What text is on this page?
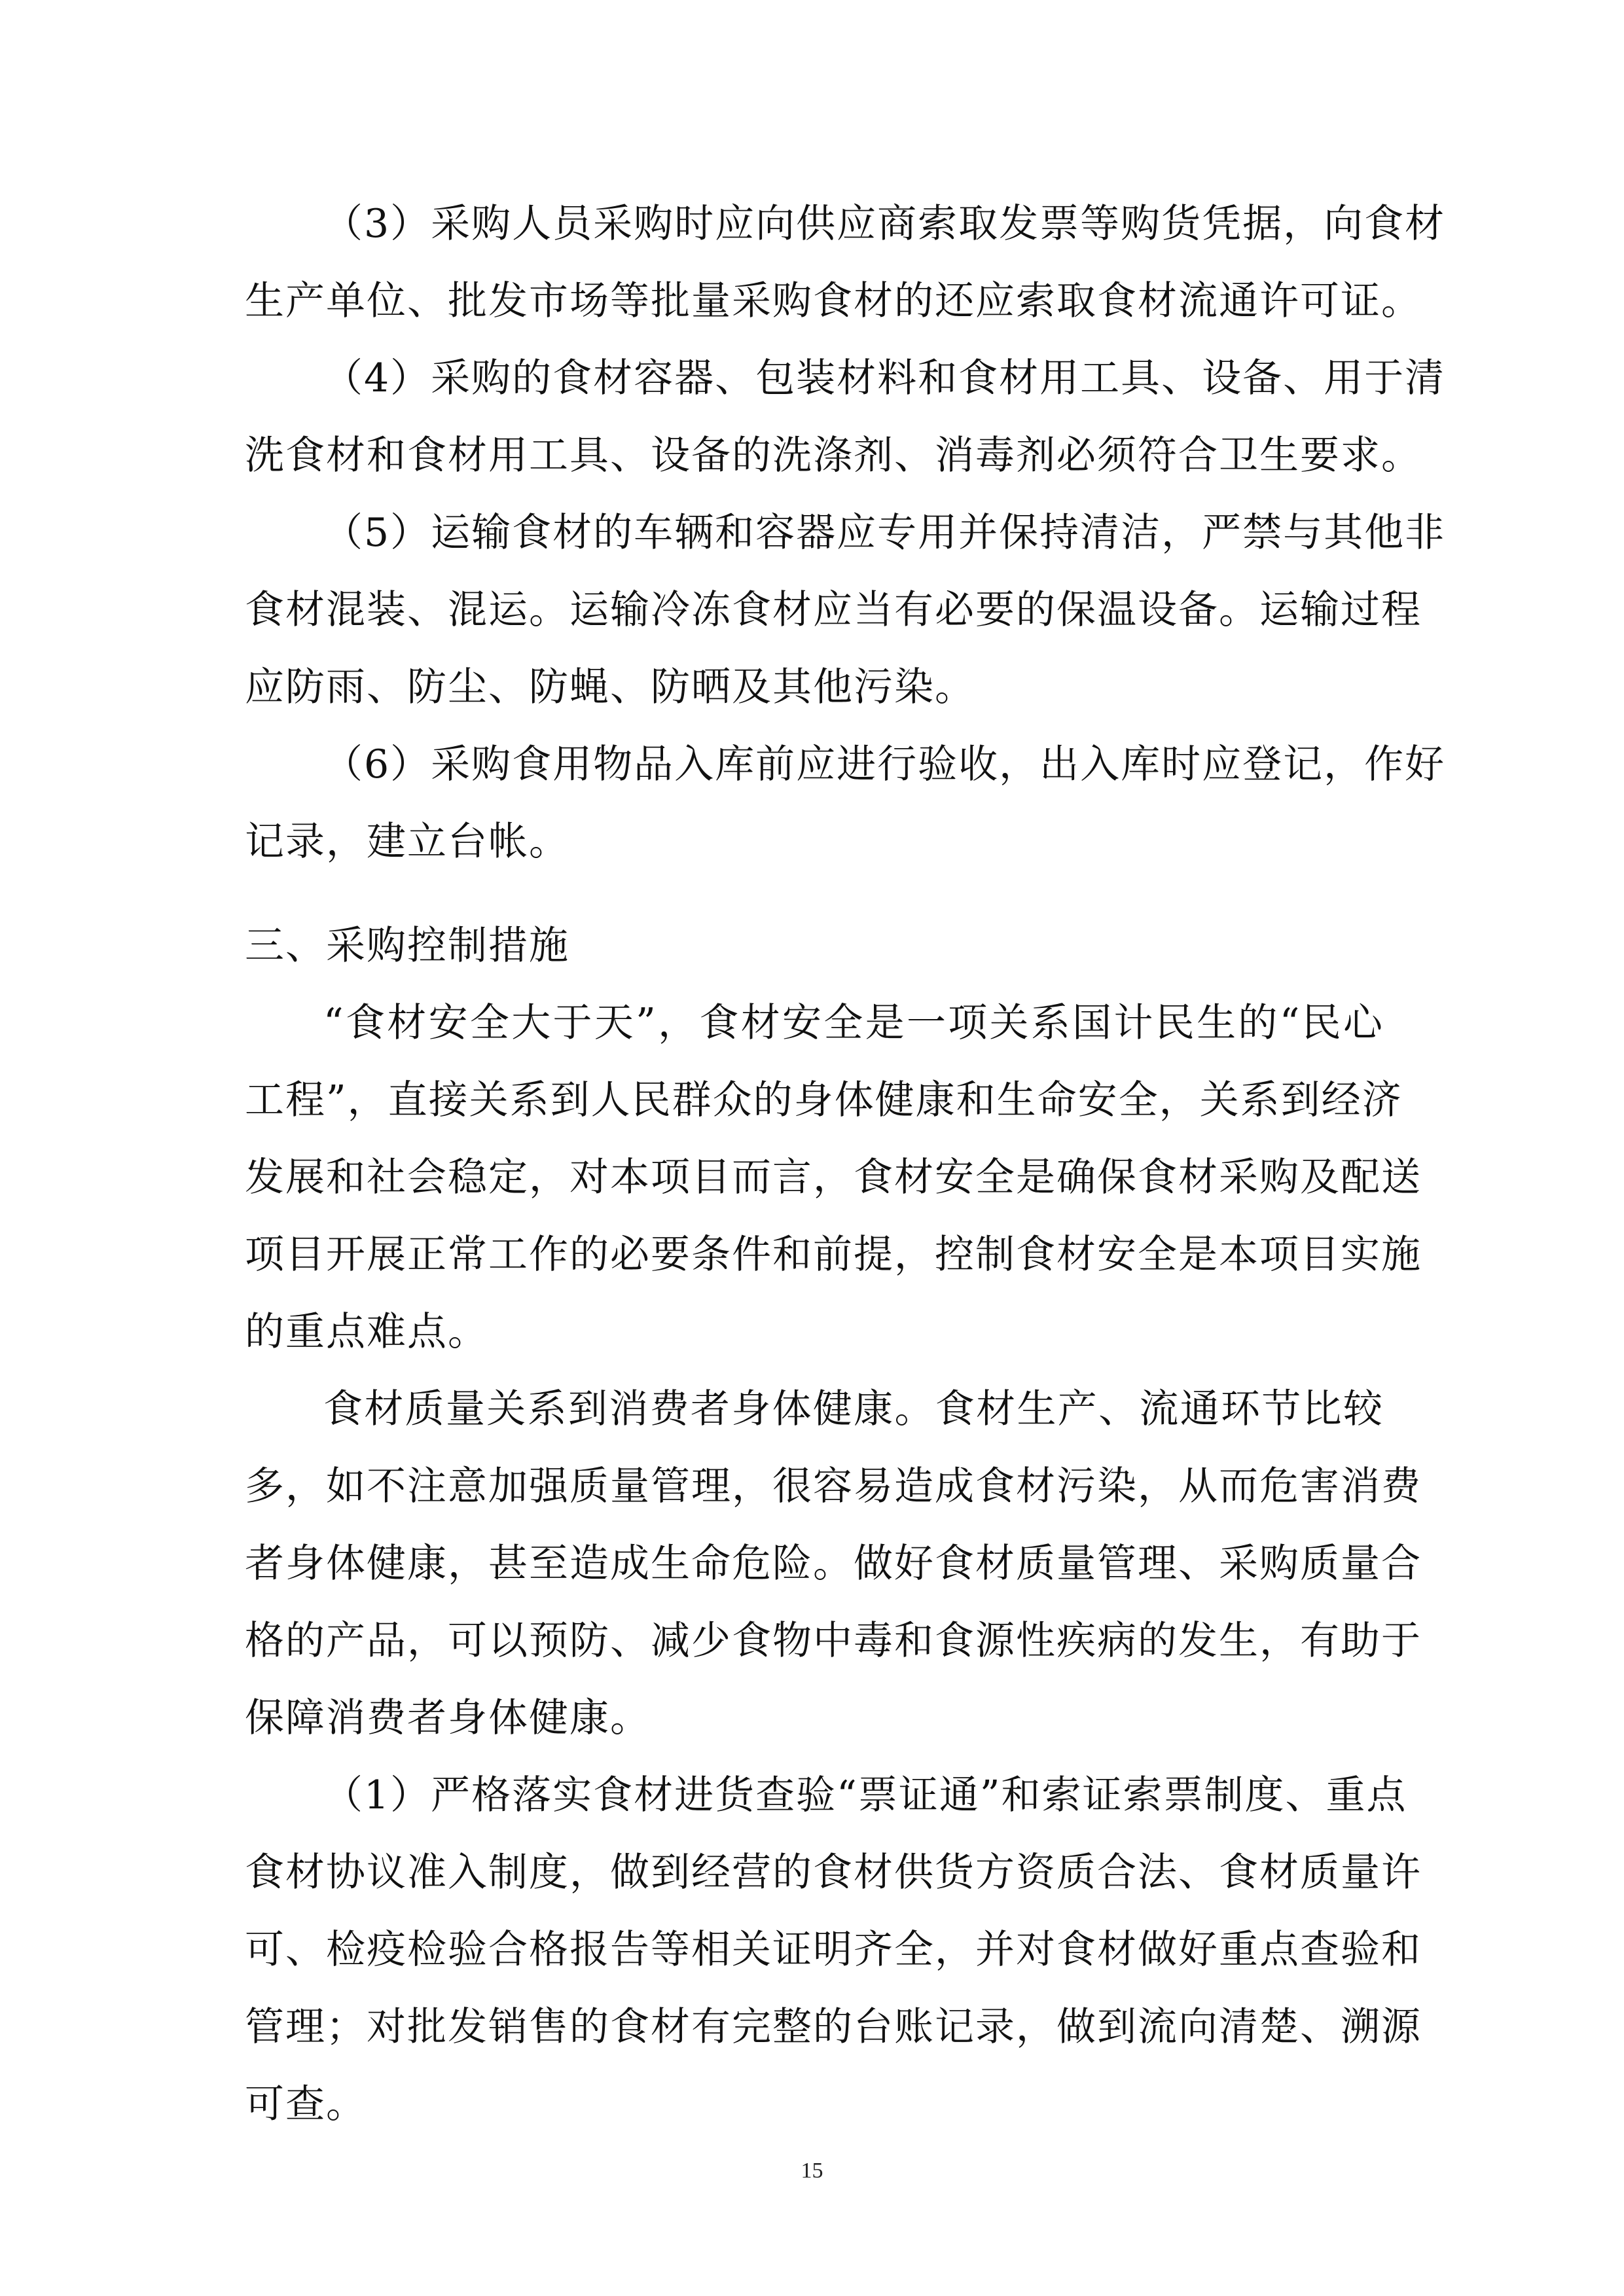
（3）采购人员采购时应向供应商索取发票等购货凭据，向食材
生产单位、批发市场等批量采购食材的还应索取食材流通许可证。
（4）采购的食材容器、包装材料和食材用工具、设备、用于清
洗食材和食材用工具、设备的洗涤剂、消毒剂必须符合卫生要求。
（5）运输食材的车辆和容器应专用并保持清洁，严禁与其他非
食材混装、混运。运输冷冻食材应当有必要的保温设备。运输过程
应防雨、防尘、防蝇、防晒及其他污染。
（6）采购食用物品入库前应进行验收，出入库时应登记，作好
记录，建立台帐。
三、采购控制措施
“食材安全大于天”，食材安全是一项关系国计民生的“民心
工程”，直接关系到人民群众的身体健康和生命安全，关系到经济
发展和社会稳定，对本项目而言，食材安全是确保食材采购及配送
项目开展正常工作的必要条件和前提，控制食材安全是本项目实施
的重点难点。
食材质量关系到消费者身体健康。食材生产、流通环节比较
多，如不注意加强质量管理，很容易造成食材污染，从而危害消费
者身体健康，甚至造成生命危险。做好食材质量管理、采购质量合
格的产品，可以预防、减少食物中毒和食源性疾病的发生，有助于
保障消费者身体健康。
（1）严格落实食材进货查验“票证通”和索证索票制度、重点
食材协议准入制度，做到经营的食材供货方资质合法、食材质量许
可、检疫检验合格报告等相关证明齐全，并对食材做好重点查验和
管理；对批发销售的食材有完整的台账记录，做到流向清楚、溯源
可查。
15
